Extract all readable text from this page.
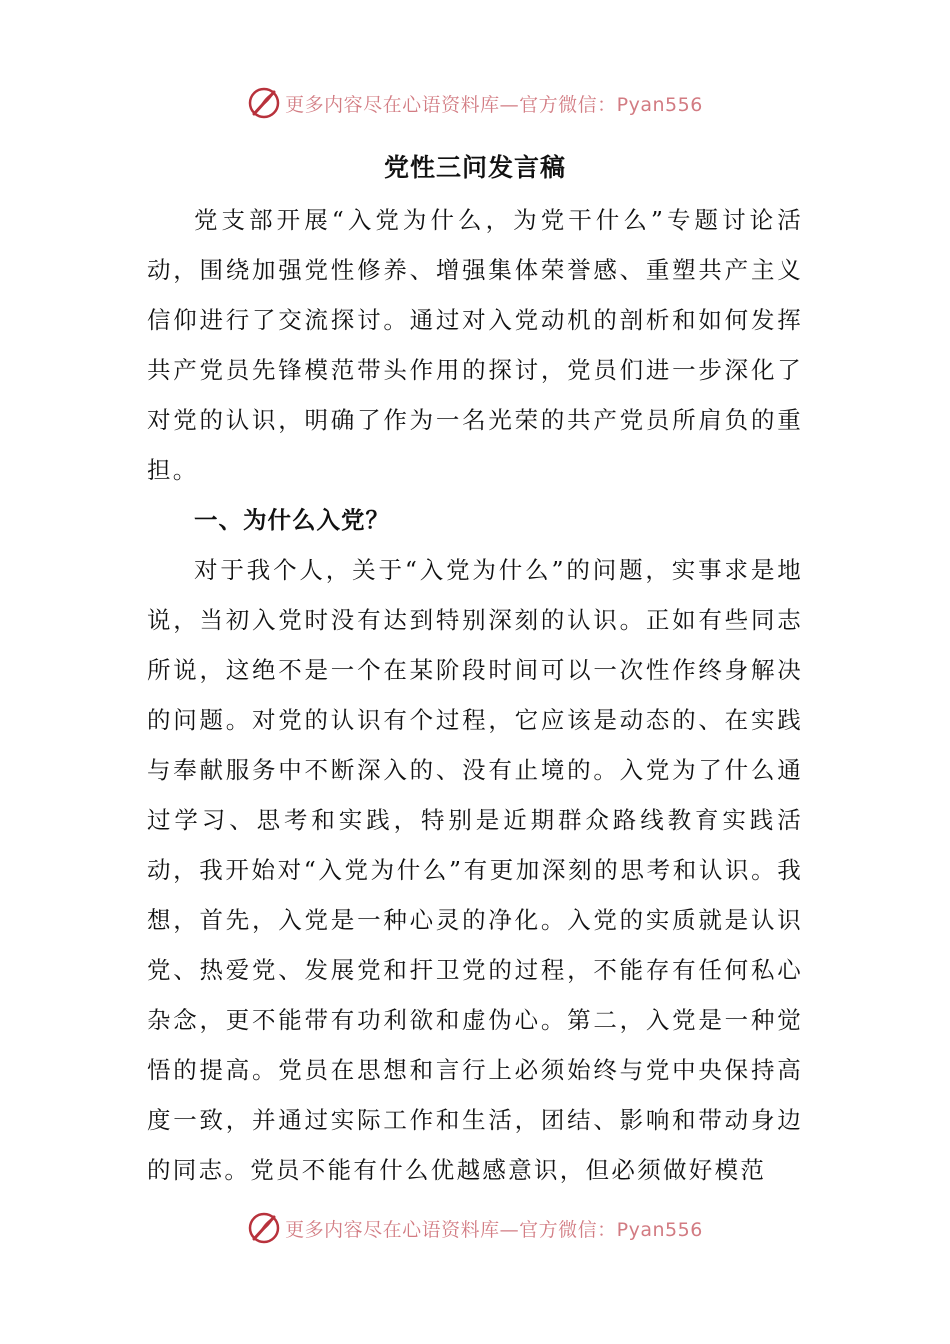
更多内容尽在心语资料库—官方微信：Pyan556
党性三问发言稿

党支部开展“入党为什么，为党干什么”专题讨论活动，围绕加强党性修养、增强集体荣誉感、重塑共产主义信仰进行了交流探讨。通过对入党动机的剖析和如何发挥共产党员先锋模范带头作用的探讨，党员们进一步深化了对党的认识，明确了作为一名光荣的共产党员所肩负的重担。

一、为什么入党？

对于我个人，关于“入党为什么”的问题，实事求是地说，当初入党时没有达到特别深刻的认识。正如有些同志所说，这绝不是一个在某阶段时间可以一次性作终身解决的问题。对党的认识有个过程，它应该是动态的、在实践与奉献服务中不断深入的、没有止境的。入党为了什么通过学习、思考和实践，特别是近期群众路线教育实践活动，我开始对“入党为什么”有更加深刻的思考和认识。我想，首先，入党是一种心灵的净化。入党的实质就是认识党、热爱党、发展党和扞卫党的过程，不能存有任何私心杂念，更不能带有功利欲和虚伪心。第二，入党是一种觉悟的提高。党员在思想和言行上必须始终与党中央保持高度一致，并通过实际工作和生活，团结、影响和带动身边的同志。党员不能有什么优越感意识，但必须做好模范

更多内容尽在心语资料库—官方微信：Pyan556
